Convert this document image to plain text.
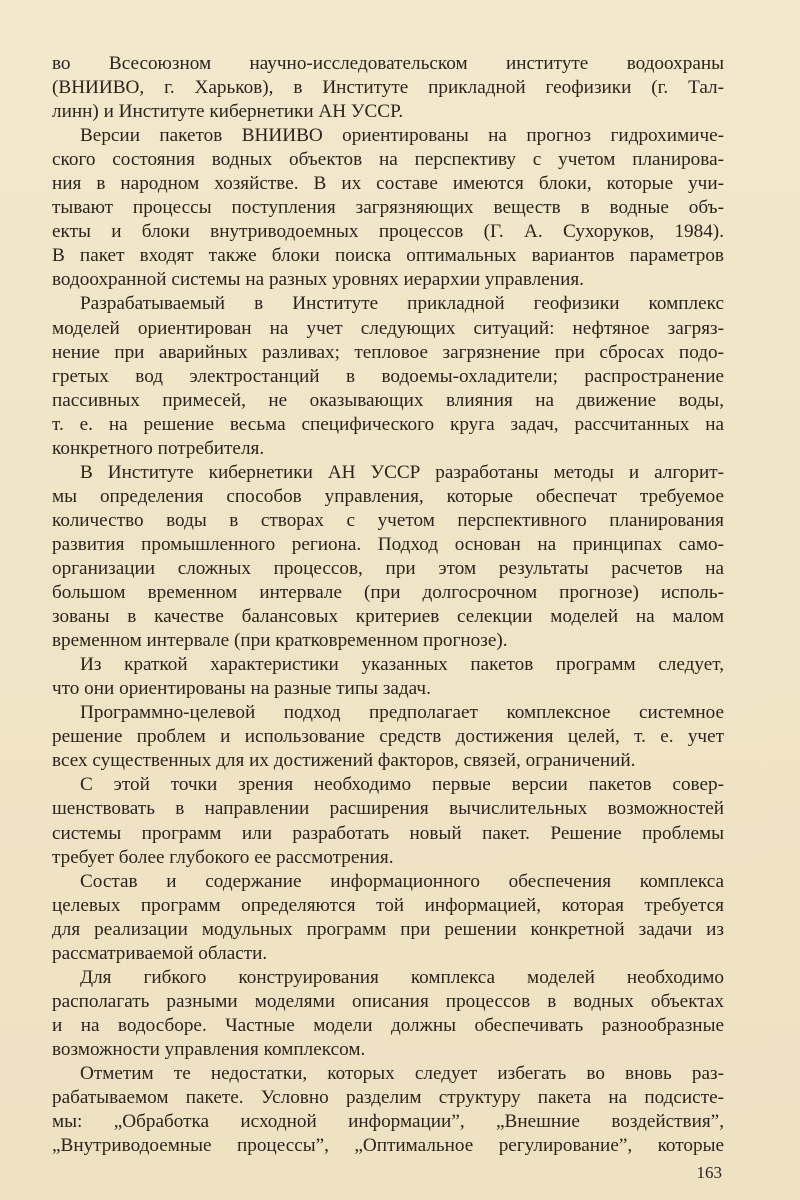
во Всесоюзном научно-исследовательском институте водоохраны
(ВНИИВО, г. Харьков), в Институте прикладной геофизики (г. Тал-
линн) и Институте кибернетики АН УССР.
Версии пакетов ВНИИВО ориентированы на прогноз гидрохимиче-
ского состояния водных объектов на перспективу с учетом планирова-
ния в народном хозяйстве. В их составе имеются блоки, которые учи-
тывают процессы поступления загрязняющих веществ в водные объ-
екты и блоки внутриводоемных процессов (Г. А. Сухоруков, 1984).
В пакет входят также блоки поиска оптимальных вариантов параметров
водоохранной системы на разных уровнях иерархии управления.
Разрабатываемый в Институте прикладной геофизики комплекс
моделей ориентирован на учет следующих ситуаций: нефтяное загряз-
нение при аварийных разливах; тепловое загрязнение при сбросах подо-
гретых вод электростанций в водоемы-охладители; распространение
пассивных примесей, не оказывающих влияния на движение воды,
т. е. на решение весьма специфического круга задач, рассчитанных на
конкретного потребителя.
В Институте кибернетики АН УССР разработаны методы и алгорит-
мы определения способов управления, которые обеспечат требуемое
количество воды в створах с учетом перспективного планирования
развития промышленного региона. Подход основан на принципах само-
организации сложных процессов, при этом результаты расчетов на
большом временном интервале (при долгосрочном прогнозе) исполь-
зованы в качестве балансовых критериев селекции моделей на малом
временном интервале (при кратковременном прогнозе).
Из краткой характеристики указанных пакетов программ следует,
что они ориентированы на разные типы задач.
Программно-целевой подход предполагает комплексное системное
решение проблем и использование средств достижения целей, т. е. учет
всех существенных для их достижений факторов, связей, ограничений.
С этой точки зрения необходимо первые версии пакетов совер-
шенствовать в направлении расширения вычислительных возможностей
системы программ или разработать новый пакет. Решение проблемы
требует более глубокого ее рассмотрения.
Состав и содержание информационного обеспечения комплекса
целевых программ определяются той информацией, которая требуется
для реализации модульных программ при решении конкретной задачи из
рассматриваемой области.
Для гибкого конструирования комплекса моделей необходимо
располагать разными моделями описания процессов в водных объектах
и на водосборе. Частные модели должны обеспечивать разнообразные
возможности управления комплексом.
Отметим те недостатки, которых следует избегать во вновь раз-
рабатываемом пакете. Условно разделим структуру пакета на подсисте-
мы: „Обработка исходной информации”, „Внешние воздействия”,
„Внутриводоемные процессы”, „Оптимальное регулирование”, которые
163
